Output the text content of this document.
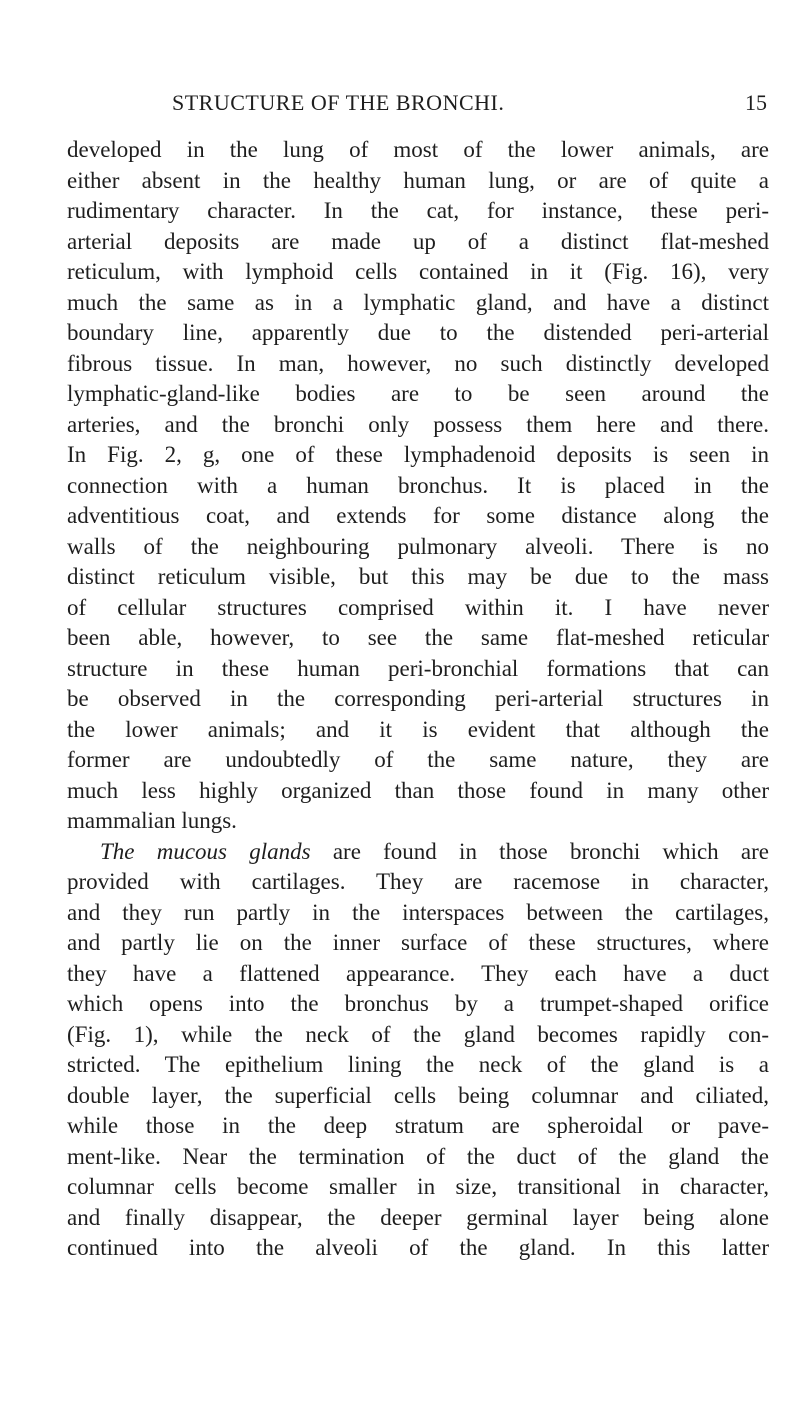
STRUCTURE OF THE BRONCHI.	15
developed in the lung of most of the lower animals, are
either absent in the healthy human lung, or are of quite a
rudimentary character. In the cat, for instance, these peri-
arterial deposits are made up of a distinct flat-meshed
reticulum, with lymphoid cells contained in it (Fig. 16), very
much the same as in a lymphatic gland, and have a distinct
boundary line, apparently due to the distended peri-arterial
fibrous tissue. In man, however, no such distinctly developed
lymphatic-gland-like bodies are to be seen around the
arteries, and the bronchi only possess them here and there.
In Fig. 2, g, one of these lymphadenoid deposits is seen in
connection with a human bronchus. It is placed in the
adventitious coat, and extends for some distance along the
walls of the neighbouring pulmonary alveoli. There is no
distinct reticulum visible, but this may be due to the mass
of cellular structures comprised within it. I have never
been able, however, to see the same flat-meshed reticular
structure in these human peri-bronchial formations that can
be observed in the corresponding peri-arterial structures in
the lower animals; and it is evident that although the
former are undoubtedly of the same nature, they are
much less highly organized than those found in many other
mammalian lungs.
The mucous glands are found in those bronchi which are
provided with cartilages. They are racemose in character,
and they run partly in the interspaces between the cartilages,
and partly lie on the inner surface of these structures, where
they have a flattened appearance. They each have a duct
which opens into the bronchus by a trumpet-shaped orifice
(Fig. 1), while the neck of the gland becomes rapidly con-
stricted. The epithelium lining the neck of the gland is a
double layer, the superficial cells being columnar and ciliated,
while those in the deep stratum are spheroidal or pave-
ment-like. Near the termination of the duct of the gland the
columnar cells become smaller in size, transitional in character,
and finally disappear, the deeper germinal layer being alone
continued into the alveoli of the gland. In this latter
